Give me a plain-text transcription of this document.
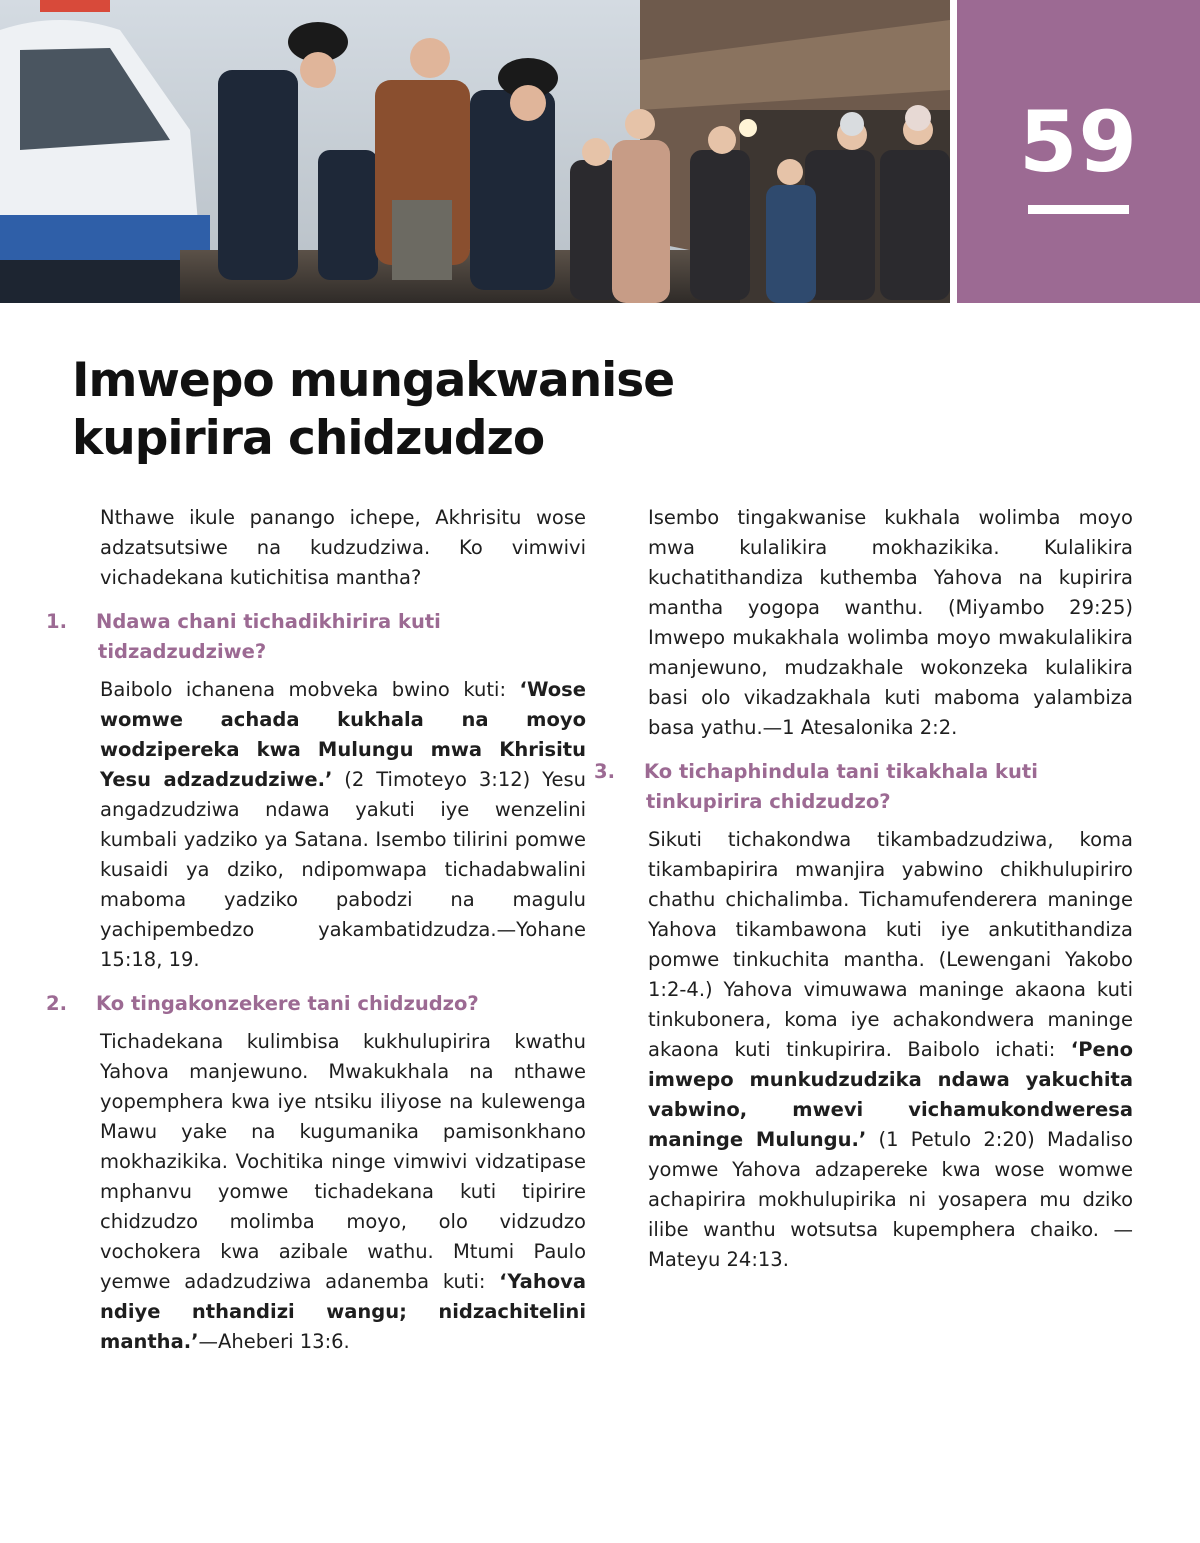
59
Imwepo mungakwanise
kupirira chidzudzo

Nthawe ikule panango ichepe, Akhrisitu wose adzatsutsiwe na kudzudziwa. Ko vimwivi vichadekana kutichitisa mantha?

1. Ndawa chani tichadikhirira kuti tidzadzudziwe?

Baibolo ichanena mobveka bwino kuti: ‘Wose womwe achada kukhala na moyo wodzipereka kwa Mulungu mwa Khrisitu Yesu adzadzudziwe.’ (2 Timoteyo 3:12) Yesu angadzudziwa ndawa yakuti iye wenzelini kumbali yadziko ya Satana. Isembo tilirini pomwe kusaidi ya dziko, ndipomwapa tichadabwalini maboma yadziko pabodzi na magulu yachipembedzo yakambatidzudza.—Yohane 15:18, 19.

2. Ko tingakonzekere tani chidzudzo?

Tichadekana kulimbisa kukhulupirira kwathu Yahova manjewuno. Mwakukhala na nthawe yopemphera kwa iye ntsiku iliyose na kulewenga Mawu yake na kugumanika pamisonkhano mokhazikika. Vochitika ninge vimwivi vidzatipase mphanvu yomwe tichadekana kuti tipirire chidzudzo molimba moyo, olo vidzudzo vochokera kwa azibale wathu. Mtumi Paulo yemwe adadzudziwa adanemba kuti: ‘Yahova ndiye nthandizi wangu; nidzachitelini mantha.’—Aheberi 13:6.

Isembo tingakwanise kukhala wolimba moyo mwa kulalikira mokhazikika. Kulalikira kuchatithandiza kuthemba Yahova na kupirira mantha yogopa wanthu. (Miyambo 29:25) Imwepo mukakhala wolimba moyo mwakulalikira manjewuno, mudzakhale wokonzeka kulalikira basi olo vikadzakhala kuti maboma yalambiza basa yathu.—1 Atesalonika 2:2.

3. Ko tichaphindula tani tikakhala kuti tinkupirira chidzudzo?

Sikuti tichakondwa tikambadzudziwa, koma tikambapirira mwanjira yabwino chikhulupiriro chathu chichalimba. Tichamufenderera maninge Yahova tikambawona kuti iye ankutithandiza pomwe tinkuchita mantha. (Lewengani Yakobo 1:2-4.) Yahova vimuwawa maninge akaona kuti tinkubonera, koma iye achakondwera maninge akaona kuti tinkupirira. Baibolo ichati: ‘Peno imwepo munkudzudzika ndawa yakuchita vabwino, mwevi vichamukondweresa maninge Mulungu.’ (1 Petulo 2:20) Madaliso yomwe Yahova adzapereke kwa wose womwe achapirira mokhulupirika ni yosapera mu dziko ilibe wanthu wotsutsa kupemphera chaiko. —Mateyu 24:13.
